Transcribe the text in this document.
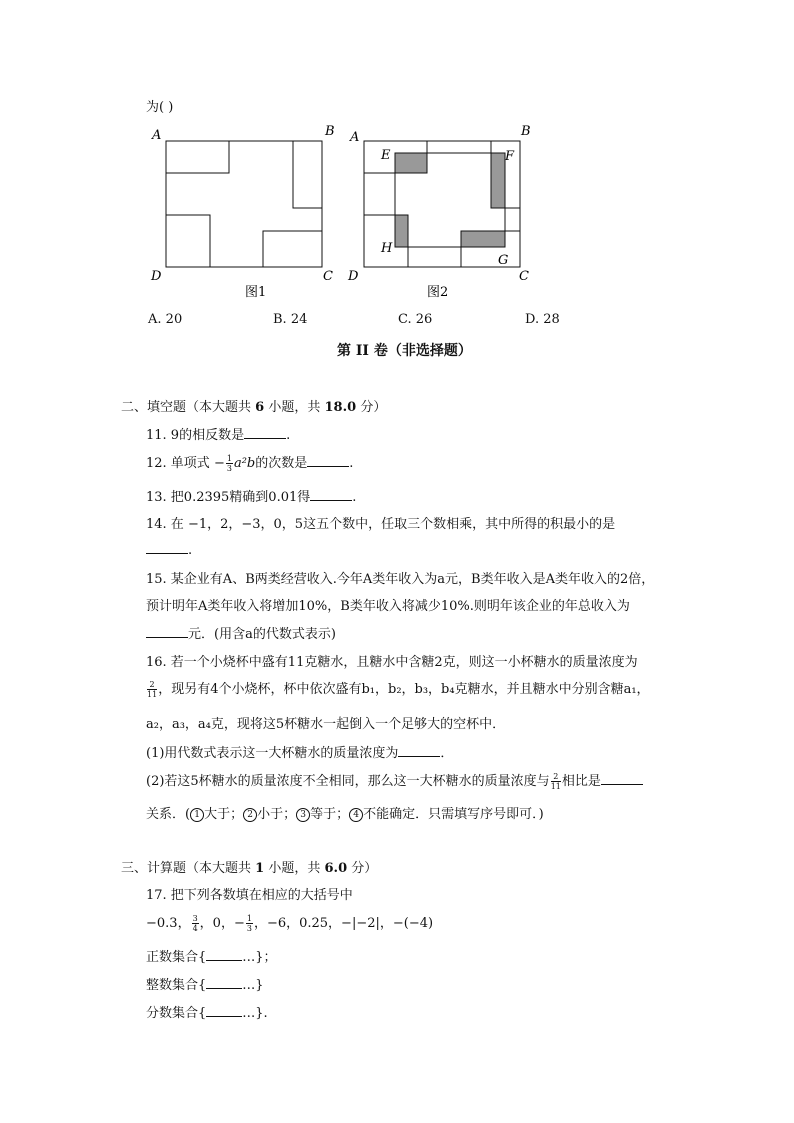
为( )
A	B
C
D
图1
A	B
C
D
E	F
H
G
图2
A. 20	B. 24	C. 26	D. 28
第 II 卷（非选择题）
二、填空题（本大题共 6 小题，共 18.0 分）
11. 9的相反数是	.
12. 单项式 − $\frac{1}{3} a^2b$的次数是	.
13. 把0.2395精确到0.01得	.
14. 在 −1，2，−3，0，5这五个数中，任取三个数相乘，其中所得的积最小的是
.
15. 某企业有A、B两类经营收入.今年A类年收入为a元，B类年收入是A类年收入的2倍，
预计明年A类年收入将增加10%，B类年收入将减少10%.则明年该企业的年总收入为
元．(用含a的代数式表示)
16. 若一个小烧杯中盛有11克糖水，且糖水中含糖2克，则这一小杯糖水的质量浓度为
$\frac{2}{11}$ ，现另有4个小烧杯，杯中依次盛有b₁，b₂，b₃，b₄克糖水，并且糖水中分别含糖a₁，
a₂，a₃，a₄克，现将这5杯糖水一起倒入一个足够大的空杯中．
(1)用代数式表示这一大杯糖水的质量浓度为	．
(2)若这5杯糖水的质量浓度不全相同，那么这一大杯糖水的质量浓度与 $\frac{2}{11}$ 相比是
关系．( 1 大于； 2 小于； 3 等于； 4 不能确定．只需填写序号即可．)
三、计算题（本大题共 1 小题，共 6.0 分）
17. 把下列各数填在相应的大括号中
−0.3， $\frac{3}{4}$ ，0，− $\frac{1}{3}$ ，−6，0.25，−|−2|，−(−4)
正数集合{	…}；
整数集合{	…}
分数集合{	…}.
